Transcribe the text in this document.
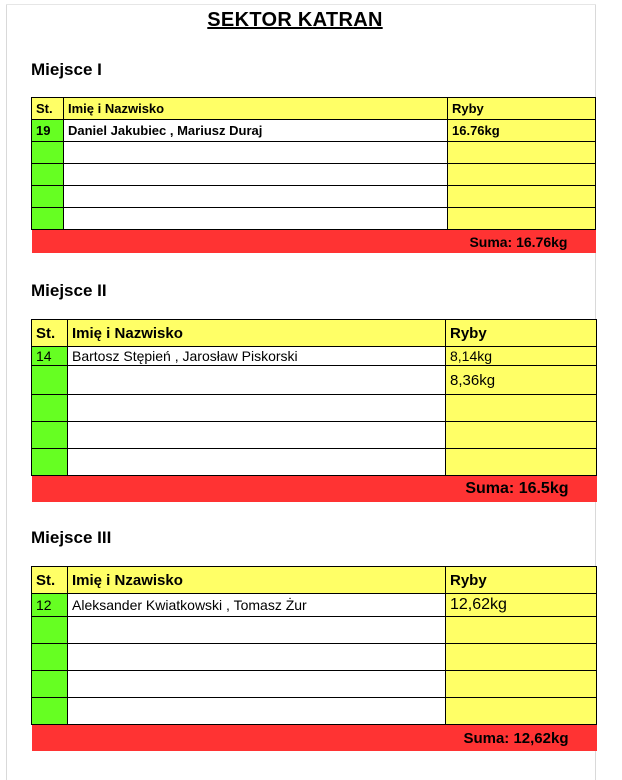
SEKTOR KATRAN
Miejsce I
St.	Imię i Nazwisko	Ryby
19	Daniel Jakubiec , Mariusz Duraj	16.76kg

Suma: 16.76kg		
Miejsce II
St.	Imię i Nazwisko	Ryby
14	Bartosz Stępień , Jarosław Piskorski	8,14kg
		8,36kg

Suma: 16.5kg		
Miejsce III
St.	Imię i Nzawisko	Ryby
12	Aleksander Kwiatkowski , Tomasz Żur	12,62kg

Suma: 12,62kg		
